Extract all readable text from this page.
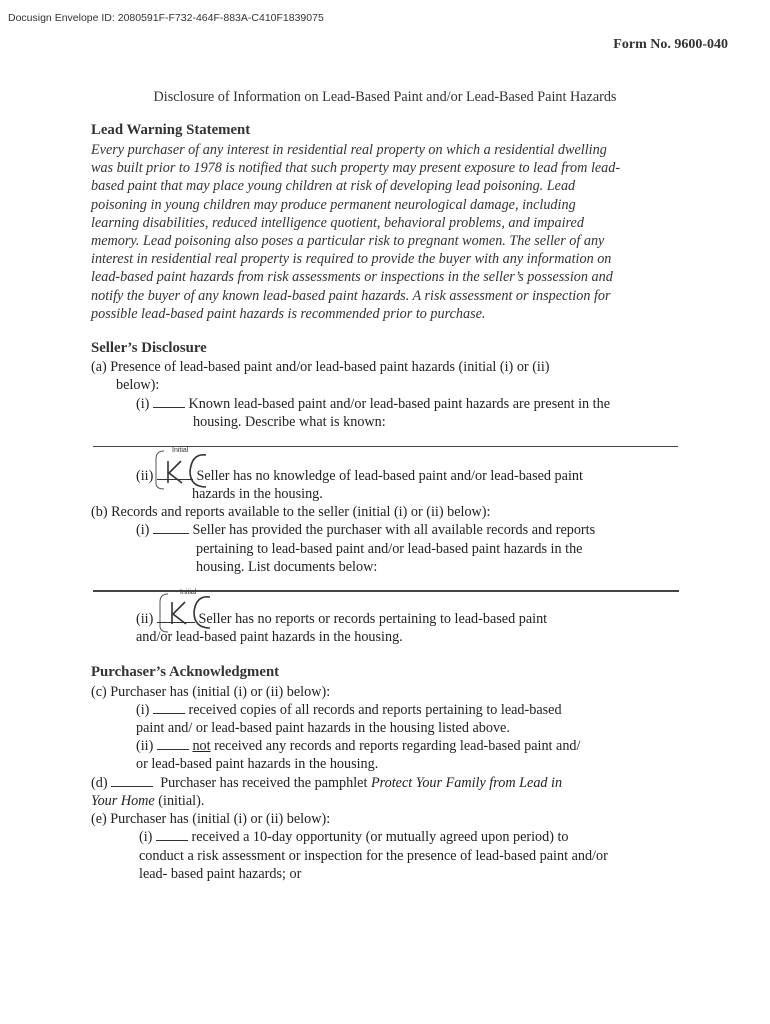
Docusign Envelope ID: 2080591F-F732-464F-883A-C410F1839075
Form No. 9600-040
Disclosure of Information on Lead-Based Paint and/or Lead-Based Paint Hazards
Lead Warning Statement
Every purchaser of any interest in residential real property on which a residential dwelling
was built prior to 1978 is notified that such property may present exposure to lead from lead-
based paint that may place young children at risk of developing lead poisoning. Lead
poisoning in young children may produce permanent neurological damage, including
learning disabilities, reduced intelligence quotient, behavioral problems, and impaired
memory. Lead poisoning also poses a particular risk to pregnant women. The seller of any
interest in residential real property is required to provide the buyer with any information on
lead-based paint hazards from risk assessments or inspections in the seller’s possession and
notify the buyer of any known lead-based paint hazards. A risk assessment or inspection for
possible lead-based paint hazards is recommended prior to purchase.
Seller’s Disclosure
(a) Presence of lead-based paint and/or lead-based paint hazards (initial (i) or (ii)
below):
(i)	Known lead-based paint and/or lead-based paint hazards are present in the
housing. Describe what is known:
Initial
(ii)	Seller has no knowledge of lead-based paint and/or lead-based paint
hazards in the housing.
(b) Records and reports available to the seller (initial (i) or (ii) below):
(i)	Seller has provided the purchaser with all available records and reports
pertaining to lead-based paint and/or lead-based paint hazards in the
housing. List documents below:
Initial
(ii)	Seller has no reports or records pertaining to lead-based paint
and/or lead-based paint hazards in the housing.
Purchaser’s Acknowledgment
(c) Purchaser has (initial (i) or (ii) below):
(i)	received copies of all records and reports pertaining to lead-based
paint and/ or lead-based paint hazards in the housing listed above.
(ii)	not received any records and reports regarding lead-based paint and/
or lead-based paint hazards in the housing.
(d)	Purchaser has received the pamphlet Protect Your Family from Lead in
Your Home (initial).
(e) Purchaser has (initial (i) or (ii) below):
(i)	received a 10-day opportunity (or mutually agreed upon period) to
conduct a risk assessment or inspection for the presence of lead-based paint and/or
lead- based paint hazards; or
